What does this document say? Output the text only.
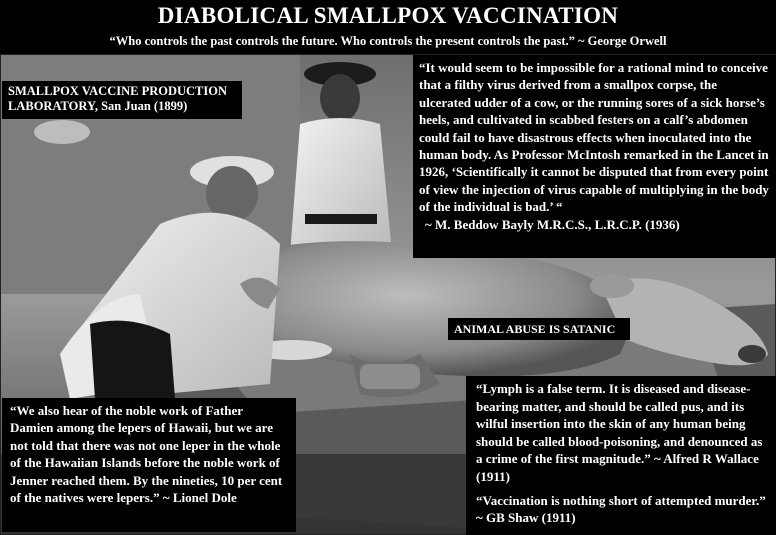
DIABOLICAL SMALLPOX VACCINATION
“Who controls the past controls the future. Who controls the present controls the past.” ~ George Orwell
SMALLPOX VACCINE PRODUCTION LABORATORY, San Juan (1899)
“It would seem to be impossible for a rational mind to conceive that a filthy virus derived from a smallpox corpse, the ulcerated udder of a cow, or the running sores of a sick horse’s heels, and cultivated in scabbed festers on a calf’s abdomen could fail to have disastrous effects when inoculated into the human body. As Professor McIntosh remarked in the Lancet in 1926, ‘Scientifically it cannot be disputed that from every point of view the injection of virus capable of multiplying in the body of the individual is bad.’ “
~ M. Beddow Bayly M.R.C.S., L.R.C.P. (1936)
ANIMAL ABUSE IS SATANIC
“We also hear of the noble work of Father Damien among the lepers of Hawaii, but we are not told that there was not one leper in the whole of the Hawaiian Islands before the noble work of Jenner reached them. By the nineties, 10 per cent of the natives were lepers.” ~ Lionel Dole

“Lymph is a false term. It is diseased and disease-bearing matter, and should be called pus, and its wilful insertion into the skin of any human being should be called blood-poisoning, and denounced as a crime of the first magnitude.” ~ Alfred R Wallace (1911)

“Vaccination is nothing short of attempted murder.” ~ GB Shaw (1911)
